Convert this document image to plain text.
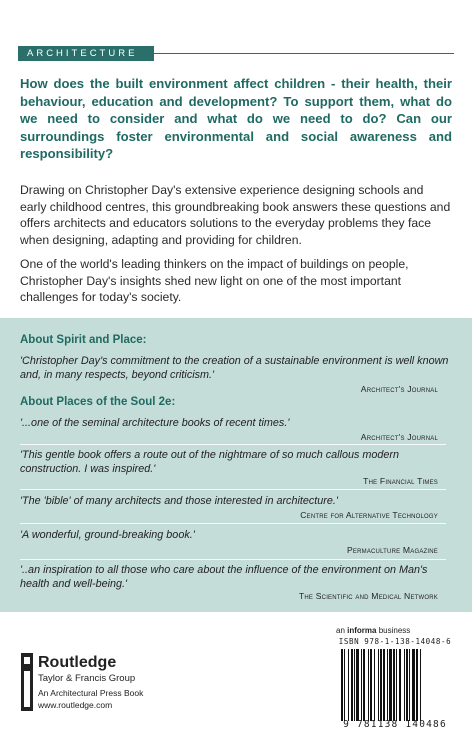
ARCHITECTURE

How does the built environment affect children - their health, their behaviour, education and development? To support them, what do we need to consider and what do we need to do? Can our surroundings foster environmental and social awareness and responsibility?

Drawing on Christopher Day's extensive experience designing schools and early childhood centres, this groundbreaking book answers these questions and offers architects and educators solutions to the everyday problems they face when designing, adapting and providing for children.

One of the world's leading thinkers on the impact of buildings on people, Christopher Day's insights shed new light on one of the most important challenges for today's society.

About Spirit and Place:

'Christopher Day's commitment to the creation of a sustainable environment is well known and, in many respects, beyond criticism.'

Architect's Journal

About Places of the Soul 2e:

'...one of the seminal architecture books of recent times.'

Architect's Journal

'This gentle book offers a route out of the nightmare of so much callous modern construction. I was inspired.'

The Financial Times

'The 'bible' of many architects and those interested in architecture.'

Centre for Alternative Technology

'A wonderful, ground-breaking book.'

Permaculture Magazine

'..an inspiration to all those who care about the influence of the environment on Man's health and well-being.'

The Scientific and Medical Network

Routledge

Taylor & Francis Group

An Architectural Press Book

www.routledge.com

an informa business
ISBN 978-1-138-14048-6
9 781138 140486
